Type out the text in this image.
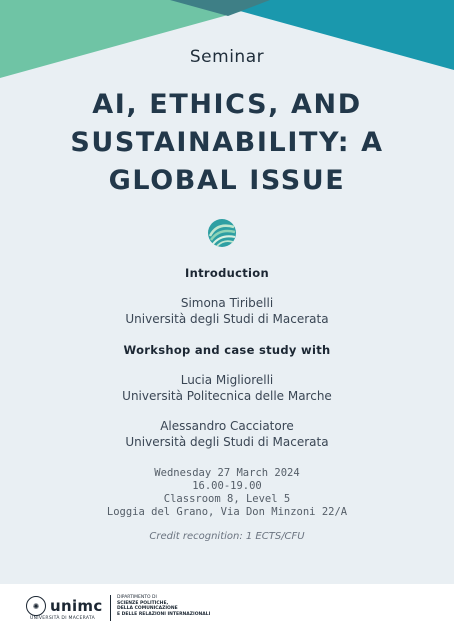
Seminar
AI, ETHICS, AND SUSTAINABILITY: A GLOBAL ISSUE
Introduction
Simona Tiribelli
Università degli Studi di Macerata
Workshop and case study with
Lucia Migliorelli
Università Politecnica delle Marche
Alessandro Cacciatore
Università degli Studi di Macerata
Wednesday 27 March 2024
16.00-19.00
Classroom 8, Level 5
Loggia del Grano, Via Don Minzoni 22/A
Credit recognition: 1 ECTS/CFU
✺ unimc
UNIVERSITÀ DI MACERATA
DIPARTIMENTO DI
SCIENZE POLITICHE,
DELLA COMUNICAZIONE
E DELLE RELAZIONI INTERNAZIONALI
